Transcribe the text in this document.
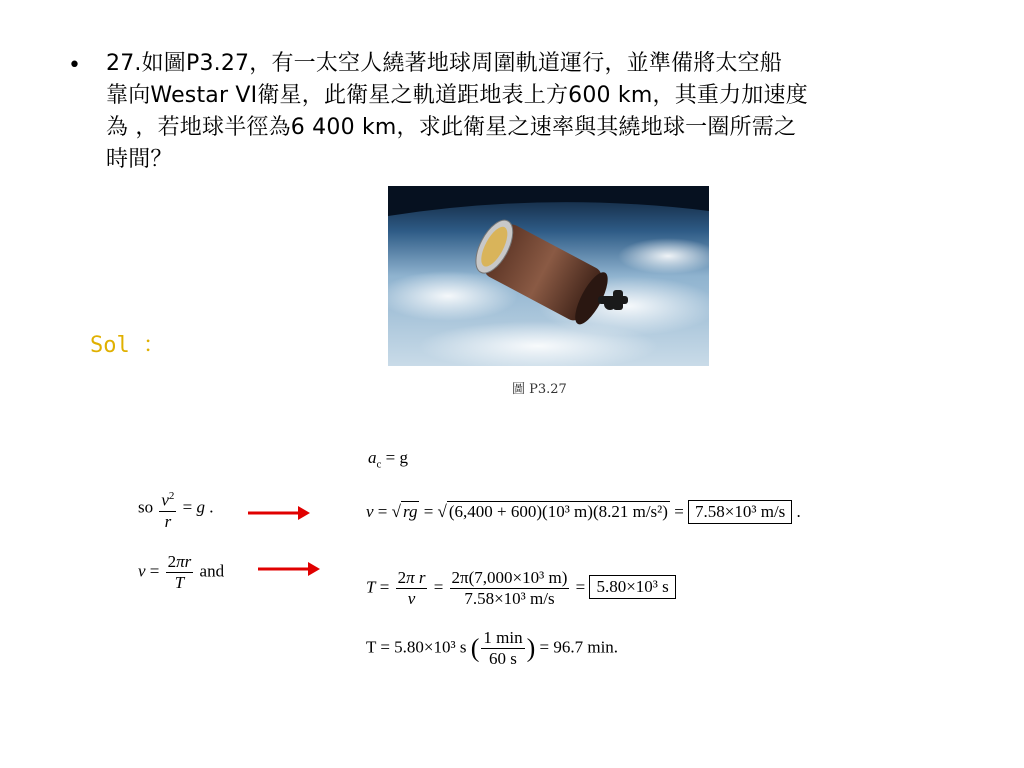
• 27.如圖P3.27，有一太空人繞著地球周圍軌道運行，並準備將太空船
靠向Westar VI衛星，此衛星之軌道距地表上方600 km，其重力加速度
為 ，若地球半徑為6 400 km，求此衛星之速率與其繞地球一圈所需之
時間？
圖 P3.27
Sol ：
so $\frac{v^2}{r} = g$ .
$v = \frac{2\pi r}{T}$ and
$a_c = g$
v = √ rg = √ (6,400 + 600)(10³ m)(8.21 m/s²) = 7.58×10³ m/s .
$T = \frac{\text{2π r}}{v} = \frac{\text{2π(7,000×10³ m)}}{\text{7.58×10³ m/s}} = 5.80\times 10^3$ s
T = 5.80×10³ s ( $\frac{1 \min}{60 s}$ ) = 96.7 min.
